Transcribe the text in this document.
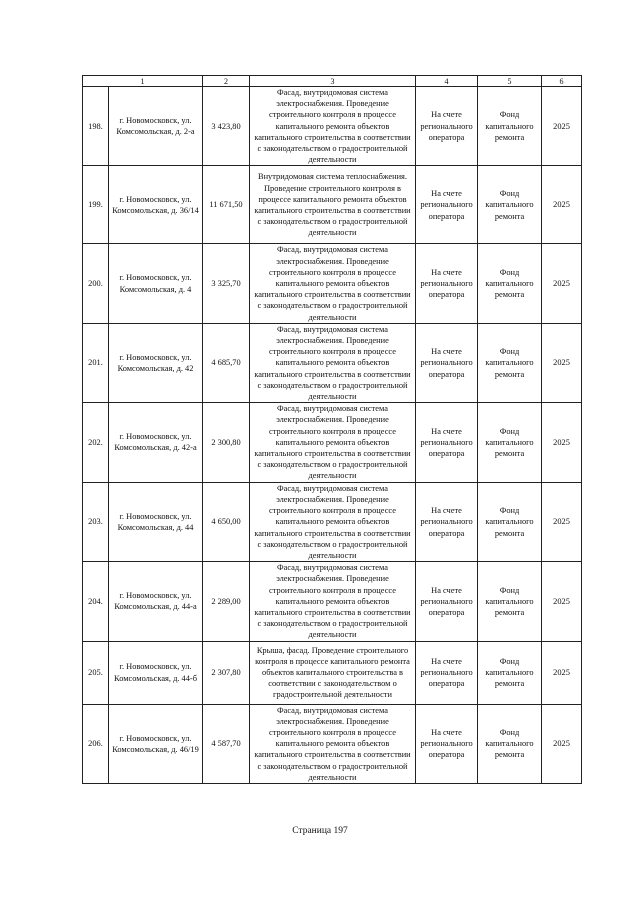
1		2	3	4	5	6
198.	г. Новомосковск, ул. Комсомольская, д. 2-а	3 423,80	Фасад, внутридомовая система электроснабжения. Проведение строительного контроля в процессе капитального ремонта объектов капитального строительства в соответствии с законодательством о градостроительной деятельности	На счете регионального оператора	Фонд капитального ремонта	2025
199.	г. Новомосковск, ул. Комсомольская, д. 36/14	11 671,50	Внутридомовая система теплоснабжения. Проведение строительного контроля в процессе капитального ремонта объектов капитального строительства в соответствии с законодательством о градостроительной деятельности	На счете регионального оператора	Фонд капитального ремонта	2025
200.	г. Новомосковск, ул. Комсомольская, д. 4	3 325,70	Фасад, внутридомовая система электроснабжения. Проведение строительного контроля в процессе капитального ремонта объектов капитального строительства в соответствии с законодательством о градостроительной деятельности	На счете регионального оператора	Фонд капитального ремонта	2025
201.	г. Новомосковск, ул. Комсомольская, д. 42	4 685,70	Фасад, внутридомовая система электроснабжения. Проведение строительного контроля в процессе капитального ремонта объектов капитального строительства в соответствии с законодательством о градостроительной деятельности	На счете регионального оператора	Фонд капитального ремонта	2025
202.	г. Новомосковск, ул. Комсомольская, д. 42-а	2 300,80	Фасад, внутридомовая система электроснабжения. Проведение строительного контроля в процессе капитального ремонта объектов капитального строительства в соответствии с законодательством о градостроительной деятельности	На счете регионального оператора	Фонд капитального ремонта	2025
203.	г. Новомосковск, ул. Комсомольская, д. 44	4 650,00	Фасад, внутридомовая система электроснабжения. Проведение строительного контроля в процессе капитального ремонта объектов капитального строительства в соответствии с законодательством о градостроительной деятельности	На счете регионального оператора	Фонд капитального ремонта	2025
204.	г. Новомосковск, ул. Комсомольская, д. 44-а	2 289,00	Фасад, внутридомовая система электроснабжения. Проведение строительного контроля в процессе капитального ремонта объектов капитального строительства в соответствии с законодательством о градостроительной деятельности	На счете регионального оператора	Фонд капитального ремонта	2025
205.	г. Новомосковск, ул. Комсомольская, д. 44-б	2 307,80	Крыша, фасад. Проведение строительного контроля в процессе капитального ремонта объектов капитального строительства в соответствии с законодательством о градостроительной деятельности	На счете регионального оператора	Фонд капитального ремонта	2025
206.	г. Новомосковск, ул. Комсомольская, д. 46/19	4 587,70	Фасад, внутридомовая система электроснабжения. Проведение строительного контроля в процессе капитального ремонта объектов капитального строительства в соответствии с законодательством о градостроительной деятельности	На счете регионального оператора	Фонд капитального ремонта	2025
Страница 197
